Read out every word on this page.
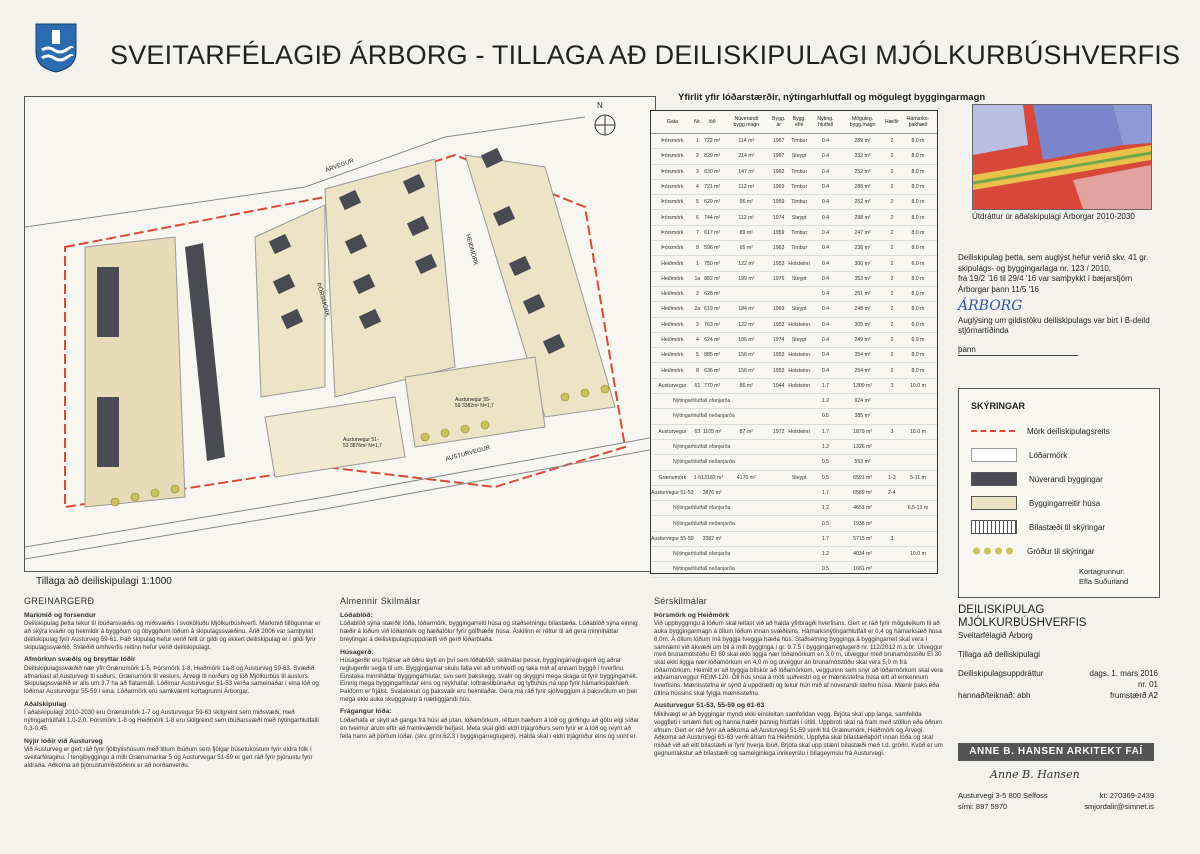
SVEITARFÉLAGIÐ ÁRBORG - TILLAGA AÐ DEILISKIPULAGI MJÓLKURBÚSHVERFIS
N
ÁRVEGUR
ÞÓRSMÖRK
HEIÐMÖRK
AUSTURVEGUR
Austurvegur 51-53 3876m² N=1,7
Austurvegur 55-59 3382m² N=1,7
Tillaga að deiliskipulagi 1:1000
Yfirlit yfir lóðarstærðir, nýtingarhlutfall og mögulegt byggingarmagn
Gata	Nr.	lóð	Núverandi bygg.magn	Bygg. ár	Bygg. efni	Nýting. hlutfall	Möguleg. bygg.magn	Hæðir	Hámarks-þakhæð
Þórsmörk	1	722 m²	114 m²	1967	Timbur	0.4	289 m²	2	8.0 m
Þórsmörk	2	829 m²	214 m²	1967	Steypt	0.4	332 m²	2	8.0 m
Þórsmörk	3	630 m²	147 m²	1962	Timbur	0.4	252 m²	2	8.0 m
Þórsmörk	4	721 m²	112 m²	1969	Timbur	0.4	288 m²	2	8.0 m
Þórsmörk	5	629 m²	96 m²	1959	Timbur	0.4	252 m²	2	8.0 m
Þórsmörk	6	744 m²	112 m²	1974	Steypt	0.4	298 m²	2	8.0 m
Þórsmörk	7	617 m²	89 m²	1959	Timbur	0.4	247 m²	2	8.0 m
Þórsmörk	8	596 m²	65 m²	1963	Timbur	0.4	238 m²	2	8.0 m
Heiðmörk	1	750 m²	122 m²	1953	Holsteinn	0.4	300 m²	2	6.0 m
Heiðmörk	1a	882 m²	199 m²	1976	Steypt	0.4	353 m²	2	8.0 m
Heiðmörk	2	628 m²				0.4	251 m²	2	8.0 m
Heiðmörk	2a	619 m²	184 m²	1969	Steypt	0.4	248 m²	2	8.0 m
Heiðmörk	3	763 m²	122 m²	1953	Holsteinn	0.4	305 m²	2	6.0 m
Heiðmörk	4	624 m²	186 m²	1974	Steypt	0.4	249 m²	2	6.9 m
Heiðmörk	5	885 m²	156 m²	1953	Holsteinn	0.4	354 m²	2	8.0 m
Heiðmörk	8	636 m²	156 m²	1953	Holsteinn	0.4	254 m²	2	8.0 m
Austurvegur	61	770 m²	86 m²	1944	Holsteinn	1.7	1309 m²	3	10.0 m
Nýtingarhlutfall ofanjarða						1.2	924 m²		
Nýtingarhlutfall neðanjarða						0.5	385 m²		
Austurvegur	63	1105 m²	87 m²	1972	Holsteinn	1.7	1879 m²	3	10.0 m
Nýtingarhlutfall ofanjarða						1.2	1326 m²		
Nýtingarhlutfall neðanjarða						0.5	553 m²		
Grænumörk	1-5	13182 m²	4170 m²		Steypt	0.5	6591 m²	1-3	5-11 m
Austurvegur 51-53		3876 m²				1.7	6589 m²	2-4	
Nýtingarhlutfall ofanjarða						1.2	4651 m²		6,5-13 m
Nýtingarhlutfall neðanjarða						0.5	1938 m²		
Austurvegur 55-59		3382 m²				1.7	5715 m²	3	
Nýtingarhlutfall ofanjarða						1.2	4034 m²		10.0 m
Nýtingarhlutfall neðanjarða						0.5	1681 m²		
Útdráttur úr aðalskipulagi Árborgar 2010-2030
Deiliskipulag þetta, sem auglýst hefur verið skv. 41 gr. skipulags- og byggingarlaga nr. 123 / 2010,
frá 19/2 '16 til 29/4 '16 var samþykkt í bæjarstjórn Árborgar þann 11/5 '16
ÁRBORG
Auglýsing um gildistöku deiliskipulags var birt í B-deild stjórnartíðinda
þann
SKÝRINGAR
Mörk deiliskipulagsreits
Lóðarmörk
Núverandi byggingar
Byggingarreitir húsa
Bílastæði til skýringar
Gróður til skýringar
Kortagrunnur:
Efla Suðurland
DEILISKIPULAG
MJÓLKURBÚSHVERFIS
Sveitarfélagið Árborg
Tillaga að deiliskipulagi
Deiliskipulagsuppdráttur	dags. 1. mars 2016
nr. 01
hannað/teiknað: abh	frumstærð A2
ANNE B. HANSEN ARKITEKT FAÍ
Anne B. Hansen
Austurvegi 3-5 800 Selfoss	kt: 270369-2439
sími: 897 5970	smjordalir@simnet.is
GREINARGERÐ
Markmið og forsendur

Deiliskipulag þetta tekur til íbúðarsvæðis og miðsvæðis í svokölluðu Mjólkurbúshverfi. Markmið tillögunnar er að skýra kvaðir og heimildir á byggðum og óbyggðum lóðum á skipulagssvæðinu. Árið 2006 var samþykkt deiliskipulag fyrir Austurveg 59-61. Það skipulag hefur verið fellt úr gildi og ekkert deiliskipulag er í gildi fyrir skipulagssvæðið. Svæðið umhverfis reitinn hefur verið deiliskipulagt.

Afmörkun svæðis og breyttar lóðir

Deiliskipulagssvæðið nær yfir Grænumörk 1-5, Þórsmörk 1-8, Heiðmörk 1a-8 og Austurveg 59-63. Svæðið afmarkast af Austurvegi til suðurs, Grænumörk til vesturs, Árvegi til norðurs og lóð Mjólkurbús til austurs. Skipulagssvæðið er alls um 3,7 ha að flatarmáli. Lóðirnar Austurvegur 51-53 verða sameinaðar í eina lóð og lóðirnar Austurvegur 55-59 í eina. Lóðarmörk eru samkvæmt kortagrunni Árborgar.

Aðalskipulag

Í aðalskipulagi 2010-2030 eru Grænumörk 1-7 og Austurvegur 59-63 skilgreint sem miðsvæði, með nýtingarhlutfalli 1,0-2,0. Þórsmörk 1-8 og Heiðmörk 1-8 eru skilgreind sem íbúðarsvæði með nýtingarhlutfalli 0,3-0,45.

Nýjir lóðir við Austurveg

Við Austurveg er gert ráð fyrir fjölbýlishúsum með litlum íbúðum sem fjölgar búsetukostum fyrir eldra fólk í sveitarfélaginu. Í tengibyggingu á milli Grænumarkar 5 og Austurvegar 51-59 er gert ráð fyrir þjónustu fyrir aldraða. Aðkoma að þjónustumiðstöðinni er að norðanverðu.

Almennir Skilmálar
Lóðablöð:

Lóðablöð sýna stærðir lóða, lóðarmörk, byggingarreiti húsa og staðsetningu bílastæða. Lóðablöð sýna einnig hæðir á lóðum við lóðamörk og hæðatölur fyrir gólfhæðir húsa. Áskilinn er réttur til að gera minniháttar breytingar á deiliskipulagsuppdrætti við gerð lóðarblaða.

Húsagerð:

Húsagerðir eru frjálsar að öðru leyti en því sem lóðablöð, skilmálar þessir, byggingarreglugerð og aðrar reglugerðir segja til um. Byggingarnar skulu falla vel að umhverfi og taka mið af annarri byggð í hverfinu. Einstaka minniháttar byggingarhlutar, svo sem þakskegg, svalir og skyggni mega skaga út fyrir byggingarreit. Einnig mega byggingarhlutar eins og reykháfar, loftræstibúnaður og lyftuhús ná upp fyrir hámarksþakhæð. Þakform er frjálst. Svalalokun og þaksvalir eru heimilaðar. Gera má ráð fyrir sjólveggjum á þaksvölum en þeir mega ekki auka skuggavarp á nærliggjandi hús.

Frágangur lóða:

Lóðarhafa er skylt að ganga frá húsi að utan, lóðamörkum, réttum hæðum á lóð og girðingu að götu eigi síðar en tveimur árum eftir að framkvæmdir hefjast. Meta skal gildi eldri trjágróðurs sem fyrir er á lóð og reynt að fella hann að þörfum lóðar. (skv. gr.nr.62.3 í byggingarreglugerð). Halda skal í eldri trjágróður eins og unnt er.

Sérskilmálar
Þórsmörk og Heiðmörk

Við uppbyggingu á lóðum skal leitast við að halda yfirbragði hverfisins. Gert er ráð fyrir möguleikum til að auka byggingarmagn á öllum lóðum innan svæðisins. Hámarksnýtingarhlutfall er 0,4 og hámarksæð húsa 8,0m. Á öllum lóðum má byggja tveggja hæða hús. Staðsetning bygginga á byggingarreit skal vera í samræmi við ákvæði um bil á milli bygginga í gr. 9.7.5 í byggingarreglugerð nr. 112/2012 m.s.br. Útveggur með brunamótstöðu EI 60 skal ekki liggja nær lóðamörkum en 3,0 m, útveggur með brunamótstöðu EI 30 skal ekki liggja nær lóðamörkum en 4,0 m og útveggur án brunamótstöðu skal vera 5,0 m frá lóðarmörkum. Heimilt er að byggja bílskúr að lóðamörkum, veggurinn sem snýr að lóðarmörkum skal vera eldvarnarveggur REIM-120. Öll hús snúa á móti suðvestri og er mænisstefna húsa eitt af einkennum hverfisins. Mænisstefna er sýnd á uppdrætti og tekur hún mið af núverandi stefnu húsa. Mænir þaks eða útlína hússins skal fylgja mænisstefnu.

Austurvegur 51-53, 55-59 og 61-63

Mikilvægt er að byggingar myndi ekki einsleitan samfelldan vegg. Brjóta skal upp langa, samfellda veggfleti í smærri fleti og hanna hæðir þannig hlutfalli í útliti. Uppbroti skal ná fram með stöllun eða öðrum efnum. Gert er ráð fyrir að aðkoma að Austurvegi 51-59 verði frá Grænumörk, Heiðmörk og Árvegi. Aðkoma að Austurvegi 61-63 verði áfram frá Heiðmörk. Uppfylla skal bílastæðaþörf innan lóða og skal miðað við að eitt bílastæði er fyrir hverja íbúð. Brjóta skal upp stærri bílastæði með t.d. gróðri. Kvöð er um gegnumakstur að bílastæði og sameiginlega innkeyrslu í bílageymslu frá Austurvegi.
